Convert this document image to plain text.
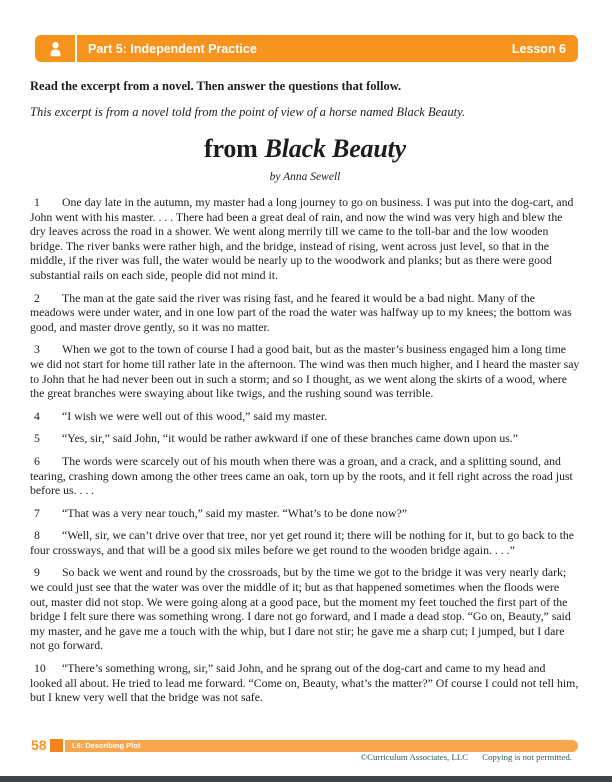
Part 5: Independent Practice	Lesson 6

Read the excerpt from a novel. Then answer the questions that follow.

This excerpt is from a novel told from the point of view of a horse named Black Beauty.

from Black Beauty

by Anna Sewell

1 One day late in the autumn, my master had a long journey to go on business. I was put into the dog-cart, and John went with his master. . . . There had been a great deal of rain, and now the wind was very high and blew the dry leaves across the road in a shower. We went along merrily till we came to the toll-bar and the low wooden bridge. The river banks were rather high, and the bridge, instead of rising, went across just level, so that in the middle, if the river was full, the water would be nearly up to the woodwork and planks; but as there were good substantial rails on each side, people did not mind it.

2 The man at the gate said the river was rising fast, and he feared it would be a bad night. Many of the meadows were under water, and in one low part of the road the water was halfway up to my knees; the bottom was good, and master drove gently, so it was no matter.

3 When we got to the town of course I had a good bait, but as the master’s business engaged him a long time we did not start for home till rather late in the afternoon. The wind was then much higher, and I heard the master say to John that he had never been out in such a storm; and so I thought, as we went along the skirts of a wood, where the great branches were swaying about like twigs, and the rushing sound was terrible.

4 “I wish we were well out of this wood,” said my master.

5 “Yes, sir,” said John, “it would be rather awkward if one of these branches came down upon us.”

6 The words were scarcely out of his mouth when there was a groan, and a crack, and a splitting sound, and tearing, crashing down among the other trees came an oak, torn up by the roots, and it fell right across the road just before us. . . .

7 “That was a very near touch,” said my master. “What’s to be done now?”

8 “Well, sir, we can’t drive over that tree, nor yet get round it; there will be nothing for it, but to go back to the four crossways, and that will be a good six miles before we get round to the wooden bridge again. . . .”

9 So back we went and round by the crossroads, but by the time we got to the bridge it was very nearly dark; we could just see that the water was over the middle of it; but as that happened sometimes when the floods were out, master did not stop. We were going along at a good pace, but the moment my feet touched the first part of the bridge I felt sure there was something wrong. I dare not go forward, and I made a dead stop. “Go on, Beauty,” said my master, and he gave me a touch with the whip, but I dare not stir; he gave me a sharp cut; I jumped, but I dare not go forward.

10 “There’s something wrong, sir,” said John, and he sprang out of the dog-cart and came to my head and looked all about. He tried to lead me forward. “Come on, Beauty, what’s the matter?” Of course I could not tell him, but I knew very well that the bridge was not safe.

58	L6: Describing Plot
©Curriculum Associates, LLC Copying is not permitted.
